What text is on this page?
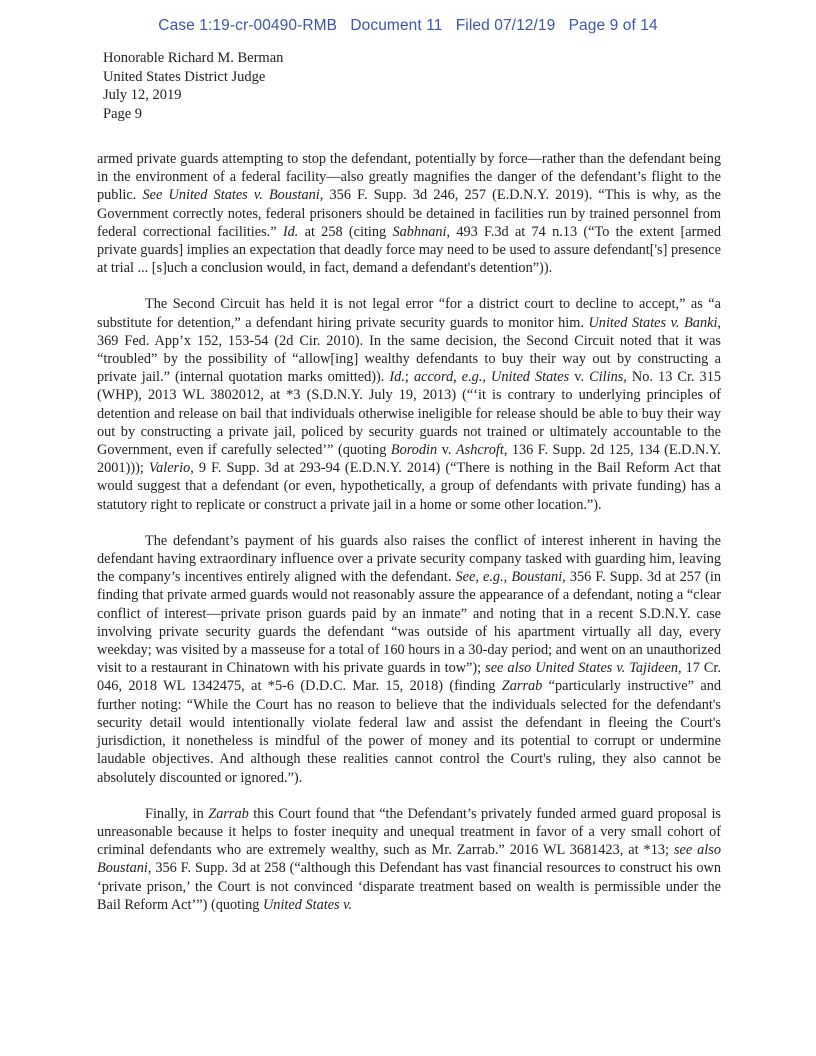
Case 1:19-cr-00490-RMB Document 11 Filed 07/12/19 Page 9 of 14
Honorable Richard M. Berman
United States District Judge
July 12, 2019
Page 9

armed private guards attempting to stop the defendant, potentially by force—rather than the defendant being in the environment of a federal facility—also greatly magnifies the danger of the defendant’s flight to the public. See United States v. Boustani, 356 F. Supp. 3d 246, 257 (E.D.N.Y. 2019). “This is why, as the Government correctly notes, federal prisoners should be detained in facilities run by trained personnel from federal correctional facilities.” Id. at 258 (citing Sabhnani, 493 F.3d at 74 n.13 (“To the extent [armed private guards] implies an expectation that deadly force may need to be used to assure defendant['s] presence at trial ... [s]uch a conclusion would, in fact, demand a defendant's detention”)).

The Second Circuit has held it is not legal error “for a district court to decline to accept,” as “a substitute for detention,” a defendant hiring private security guards to monitor him. United States v. Banki, 369 Fed. App’x 152, 153-54 (2d Cir. 2010). In the same decision, the Second Circuit noted that it was “troubled” by the possibility of “allow[ing] wealthy defendants to buy their way out by constructing a private jail.” (internal quotation marks omitted)). Id.; accord, e.g., United States v. Cilins, No. 13 Cr. 315 (WHP), 2013 WL 3802012, at *3 (S.D.N.Y. July 19, 2013) (“‘it is contrary to underlying principles of detention and release on bail that individuals otherwise ineligible for release should be able to buy their way out by constructing a private jail, policed by security guards not trained or ultimately accountable to the Government, even if carefully selected’” (quoting Borodin v. Ashcroft, 136 F. Supp. 2d 125, 134 (E.D.N.Y. 2001))); Valerio, 9 F. Supp. 3d at 293-94 (E.D.N.Y. 2014) (“There is nothing in the Bail Reform Act that would suggest that a defendant (or even, hypothetically, a group of defendants with private funding) has a statutory right to replicate or construct a private jail in a home or some other location.”).

The defendant’s payment of his guards also raises the conflict of interest inherent in having the defendant having extraordinary influence over a private security company tasked with guarding him, leaving the company’s incentives entirely aligned with the defendant. See, e.g., Boustani, 356 F. Supp. 3d at 257 (in finding that private armed guards would not reasonably assure the appearance of a defendant, noting a “clear conflict of interest—private prison guards paid by an inmate” and noting that in a recent S.D.N.Y. case involving private security guards the defendant “was outside of his apartment virtually all day, every weekday; was visited by a masseuse for a total of 160 hours in a 30-day period; and went on an unauthorized visit to a restaurant in Chinatown with his private guards in tow”); see also United States v. Tajideen, 17 Cr. 046, 2018 WL 1342475, at *5-6 (D.D.C. Mar. 15, 2018) (finding Zarrab “particularly instructive” and further noting: “While the Court has no reason to believe that the individuals selected for the defendant's security detail would intentionally violate federal law and assist the defendant in fleeing the Court's jurisdiction, it nonetheless is mindful of the power of money and its potential to corrupt or undermine laudable objectives. And although these realities cannot control the Court's ruling, they also cannot be absolutely discounted or ignored.”).

Finally, in Zarrab this Court found that “the Defendant’s privately funded armed guard proposal is unreasonable because it helps to foster inequity and unequal treatment in favor of a very small cohort of criminal defendants who are extremely wealthy, such as Mr. Zarrab.” 2016 WL 3681423, at *13; see also Boustani, 356 F. Supp. 3d at 258 (“although this Defendant has vast financial resources to construct his own ‘private prison,’ the Court is not convinced ‘disparate treatment based on wealth is permissible under the Bail Reform Act’”) (quoting United States v.
